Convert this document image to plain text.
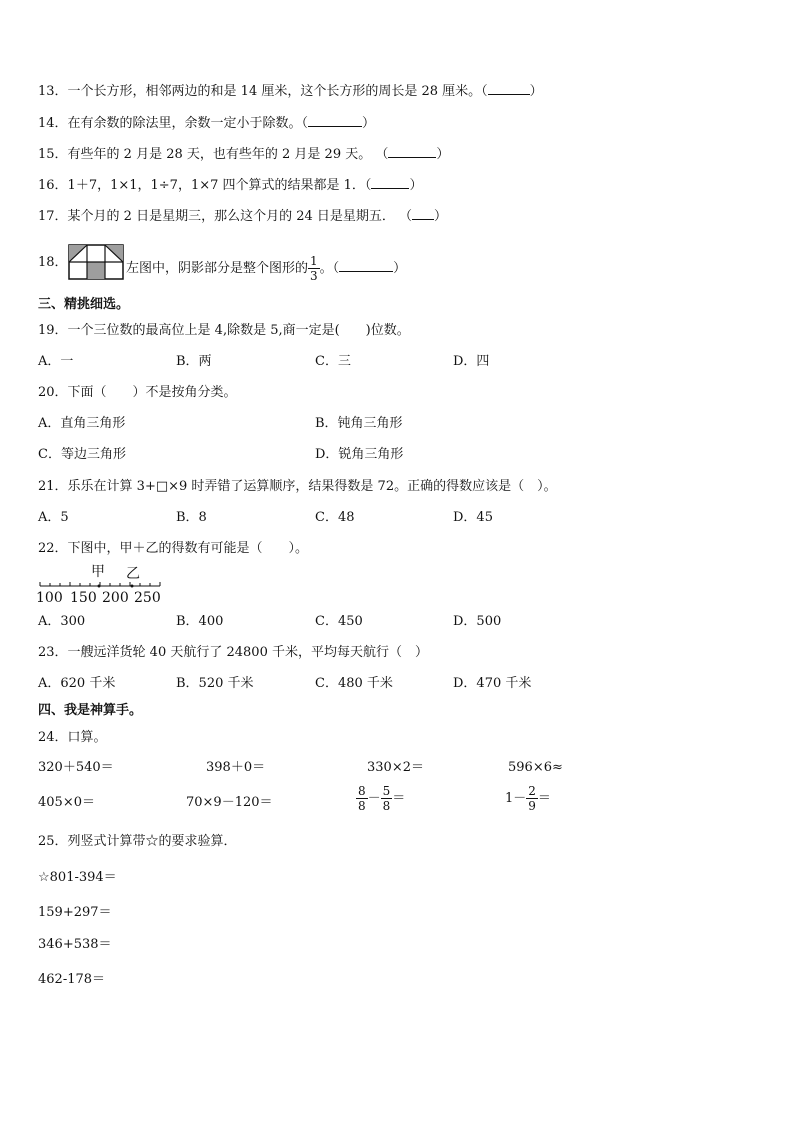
13．一个长方形，相邻两边的和是 14 厘米，这个长方形的周长是 28 厘米。（	）
14．在有余数的除法里，余数一定小于除数。（	）
15．有些年的 2 月是 28 天，也有些年的 2 月是 29 天。 （	）
16．1＋7，1×1，1÷7，1×7 四个算式的结果都是 1．（	）
17．某个月的 2 日是星期三，那么这个月的 24 日是星期五． （ ）
18．	左图中，阴影部分是整个图形的 $\frac{1}{3}$ 。（	）
三、精挑细选。
19．一个三位数的最高位上是 4,除数是 5,商一定是(　　)位数。
A．一	B．两	C．三	D．四
20．下面（　　）不是按角分类。
A．直角三角形	B．钝角三角形
C．等边三角形	D．锐角三角形
21．乐乐在计算 3+□×9 时弄错了运算顺序，结果得数是 72。正确的得数应该是（　）。
A．5	B．8	C．48	D．45
22．下图中，甲＋乙的得数有可能是（　　）。
甲 乙
100 150 200 250
A．300	B．400	C．450	D．500
23．一艘远洋货轮 40 天航行了 24800 千米，平均每天航行（　）
A．620 千米	B．520 千米	C．480 千米	D．470 千米
四、我是神算手。
24．口算。
320＋540＝	398＋0＝	330×2＝	596×6≈
405×0＝	70×9－120＝	$\frac{8}{8} - \frac{5}{8}$ ＝	$1- \frac{2}{9}$ ＝
25．列竖式计算带☆的要求验算．
☆801-394＝
159+297＝
346+538＝
462-178＝
